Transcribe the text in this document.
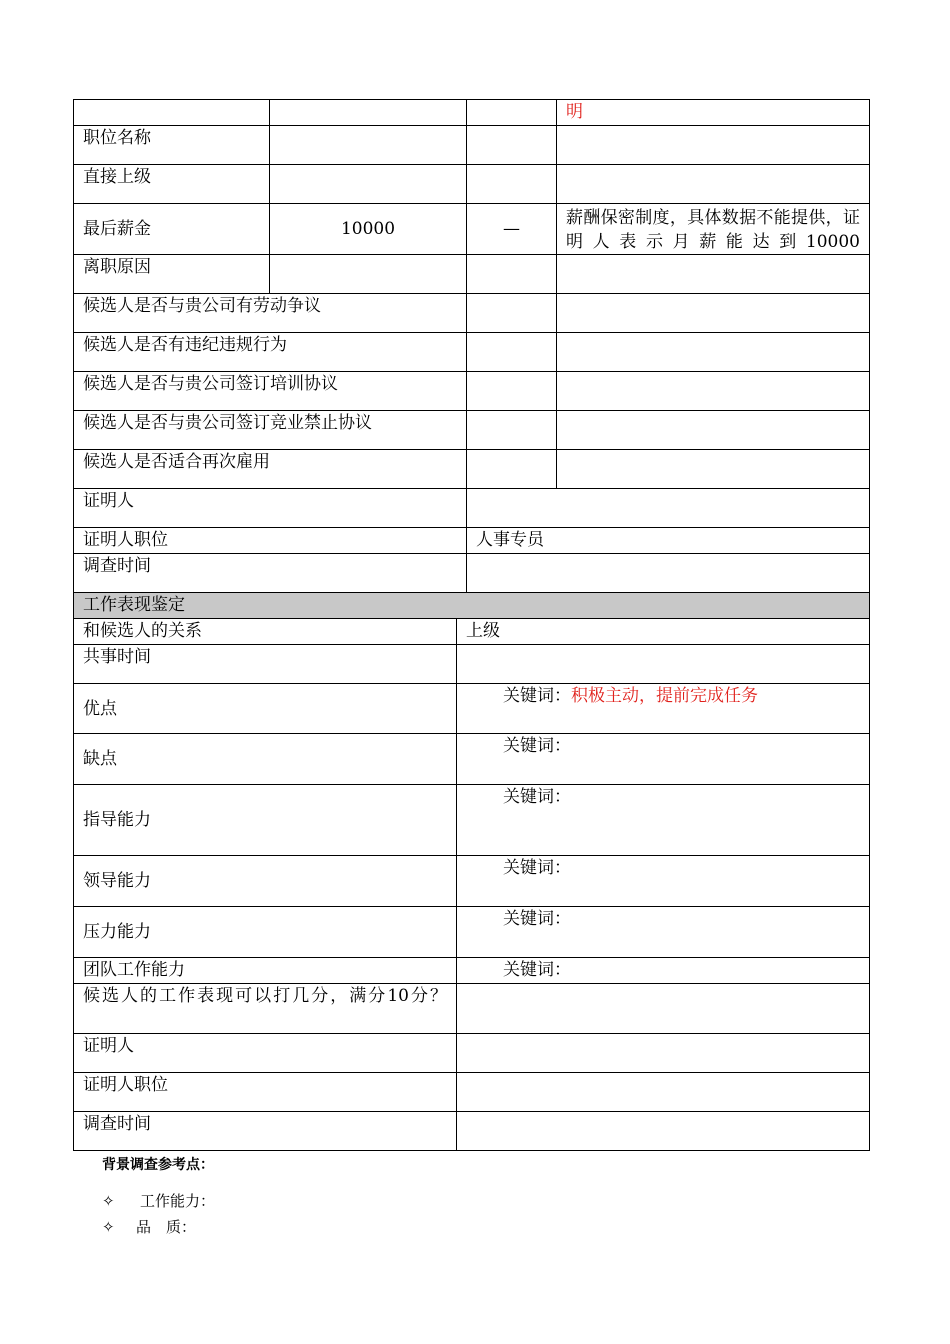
			明
职位名称			
直接上级			
最后薪金	10000	—	薪酬保密制度，具体数据不能提供，证明人表示月薪能达到10000
离职原因			
候选人是否与贵公司有劳动争议			
候选人是否有违纪违规行为			
候选人是否与贵公司签订培训协议			
候选人是否与贵公司签订竞业禁止协议			
候选人是否适合再次雇用			
证明人			
证明人职位		人事专员	
调查时间			
工作表现鉴定	
和候选人的关系	上级
共事时间	
优点	关键词：积极主动，提前完成任务
缺点	关键词：
指导能力	关键词：
领导能力	关键词：
压力能力	关键词：
团队工作能力	关键词：
候选人的工作表现可以打几分，满分10分？	
证明人	
证明人职位	
调查时间	
背景调查参考点：
✧ 工作能力：
✧ 品　质：
